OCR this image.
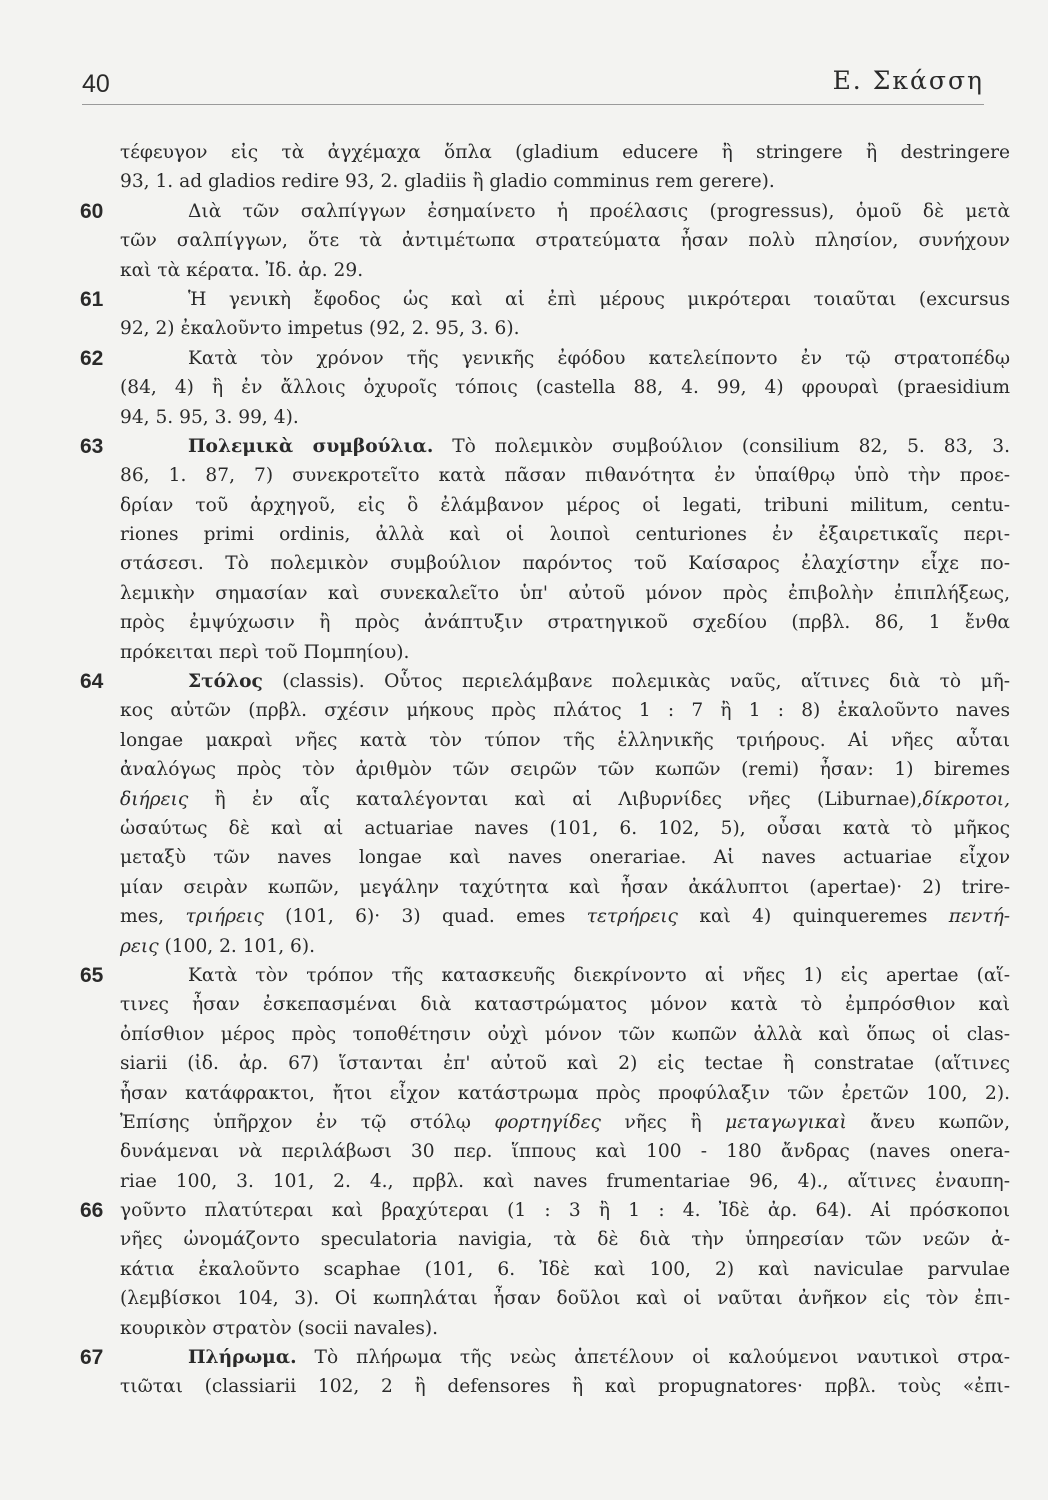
40	Ε. Σκάσση
τέφευγον εἰς τὰ ἀγχέμαχα ὅπλα (gladium educere ἢ stringere ἢ destringere
93, 1. ad gladios redire 93, 2. gladiis ἢ gladio comminus rem gerere).
60	Διὰ τῶν σαλπίγγων ἐσημαίνετο ἡ προέλασις (progressus), ὁμοῦ δὲ μετὰ
τῶν σαλπίγγων, ὅτε τὰ ἀντιμέτωπα στρατεύματα ἦσαν πολὺ πλησίον, συνήχουν
καὶ τὰ κέρατα. Ἰδ. ἀρ. 29.
61	Ἡ γενικὴ ἔφοδος ὡς καὶ αἱ ἐπὶ μέρους μικρότεραι τοιαῦται (excursus
92, 2) ἐκαλοῦντο impetus (92, 2. 95, 3. 6).
62	Κατὰ τὸν χρόνον τῆς γενικῆς ἐφόδου κατελείποντο ἐν τῷ στρατοπέδῳ
(84, 4) ἢ ἐν ἄλλοις ὀχυροῖς τόποις (castella 88, 4. 99, 4) φρουραὶ (praesidium
94, 5. 95, 3. 99, 4).
63	Πολεμικὰ συμβούλια. Τὸ πολεμικὸν συμβούλιον (consilium 82, 5. 83, 3.
86, 1. 87, 7) συνεκροτεῖτο κατὰ πᾶσαν πιθανότητα ἐν ὑπαίθρῳ ὑπὸ τὴν προε-
δρίαν τοῦ ἀρχηγοῦ, εἰς ὃ ἐλάμβανον μέρος οἱ legati, tribuni militum, centu-
riones primi ordinis, ἀλλὰ καὶ οἱ λοιποὶ centuriones ἐν ἐξαιρετικαῖς περι-
στάσεσι. Τὸ πολεμικὸν συμβούλιον παρόντος τοῦ Καίσαρος ἐλαχίστην εἶχε πο-
λεμικὴν σημασίαν καὶ συνεκαλεῖτο ὑπ' αὐτοῦ μόνον πρὸς ἐπιβολὴν ἐπιπλήξεως,
πρὸς ἐμψύχωσιν ἢ πρὸς ἀνάπτυξιν στρατηγικοῦ σχεδίου (πρβλ. 86, 1 ἔνθα
πρόκειται περὶ τοῦ Πομπηίου).
64	Στόλος (classis). Οὗτος περιελάμβανε πολεμικὰς ναῦς, αἵτινες διὰ τὸ μῆ-
κος αὐτῶν (πρβλ. σχέσιν μήκους πρὸς πλάτος 1 : 7 ἢ 1 : 8) ἐκαλοῦντο naves
longae μακραὶ νῆες κατὰ τὸν τύπον τῆς ἑλληνικῆς τριήρους. Αἱ νῆες αὗται
ἀναλόγως πρὸς τὸν ἀριθμὸν τῶν σειρῶν τῶν κωπῶν (remi) ἦσαν: 1) biremes
διήρεις ἢ ἐν αἷς καταλέγονται καὶ αἱ Λιβυρνίδες νῆες (Liburnae),δίκροτοι,
ὡσαύτως δὲ καὶ αἱ actuariae naves (101, 6. 102, 5), οὖσαι κατὰ τὸ μῆκος
μεταξὺ τῶν naves longae καὶ naves onerariae. Αἱ naves actuariae εἶχον
μίαν σειρὰν κωπῶν, μεγάλην ταχύτητα καὶ ἦσαν ἀκάλυπτοι (apertae)· 2) trire-
mes, τριήρεις (101, 6)· 3) quad. emes τετρήρεις καὶ 4) quinqueremes πεντή-
ρεις (100, 2. 101, 6).
65	Κατὰ τὸν τρόπον τῆς κατασκευῆς διεκρίνοντο αἱ νῆες 1) εἰς apertae (αἵ-
τινες ἦσαν ἐσκεπασμέναι διὰ καταστρώματος μόνον κατὰ τὸ ἐμπρόσθιον καὶ
ὀπίσθιον μέρος πρὸς τοποθέτησιν οὐχὶ μόνον τῶν κωπῶν ἀλλὰ καὶ ὅπως οἱ clas-
siarii (ἰδ. ἀρ. 67) ἵστανται ἐπ' αὐτοῦ καὶ 2) εἰς tectae ἢ constratae (αἵτινες
ἦσαν κατάφρακτοι, ἤτοι εἶχον κατάστρωμα πρὸς προφύλαξιν τῶν ἐρετῶν 100, 2).
Ἐπίσης ὑπῆρχον ἐν τῷ στόλῳ φορτηγίδες νῆες ἢ μεταγωγικαὶ ἄνευ κωπῶν,
δυνάμεναι νὰ περιλάβωσι 30 περ. ἵππους καὶ 100 - 180 ἄνδρας (naves onera-
riae 100, 3. 101, 2. 4., πρβλ. καὶ naves frumentariae 96, 4)., αἵτινες ἐναυπη-
66 γοῦντο πλατύτεραι καὶ βραχύτεραι (1 : 3 ἢ 1 : 4. Ἰδὲ ἀρ. 64). Αἱ πρόσκοποι
νῆες ὠνομάζοντο speculatoria navigia, τὰ δὲ διὰ τὴν ὑπηρεσίαν τῶν νεῶν ἀ-
κάτια ἐκαλοῦντο scaphae (101, 6. Ἰδὲ καὶ 100, 2) καὶ naviculae parvulae
(λεμβίσκοι 104, 3). Οἱ κωπηλάται ἦσαν δοῦλοι καὶ οἱ ναῦται ἀνῆκον εἰς τὸν ἐπι-
κουρικὸν στρατὸν (socii navales).
67	Πλήρωμα. Τὸ πλήρωμα τῆς νεὼς ἀπετέλουν οἱ καλούμενοι ναυτικοὶ στρα-
τιῶται (classiarii 102, 2 ἢ defensores ἢ καὶ propugnatores· πρβλ. τοὺς «ἐπι-
